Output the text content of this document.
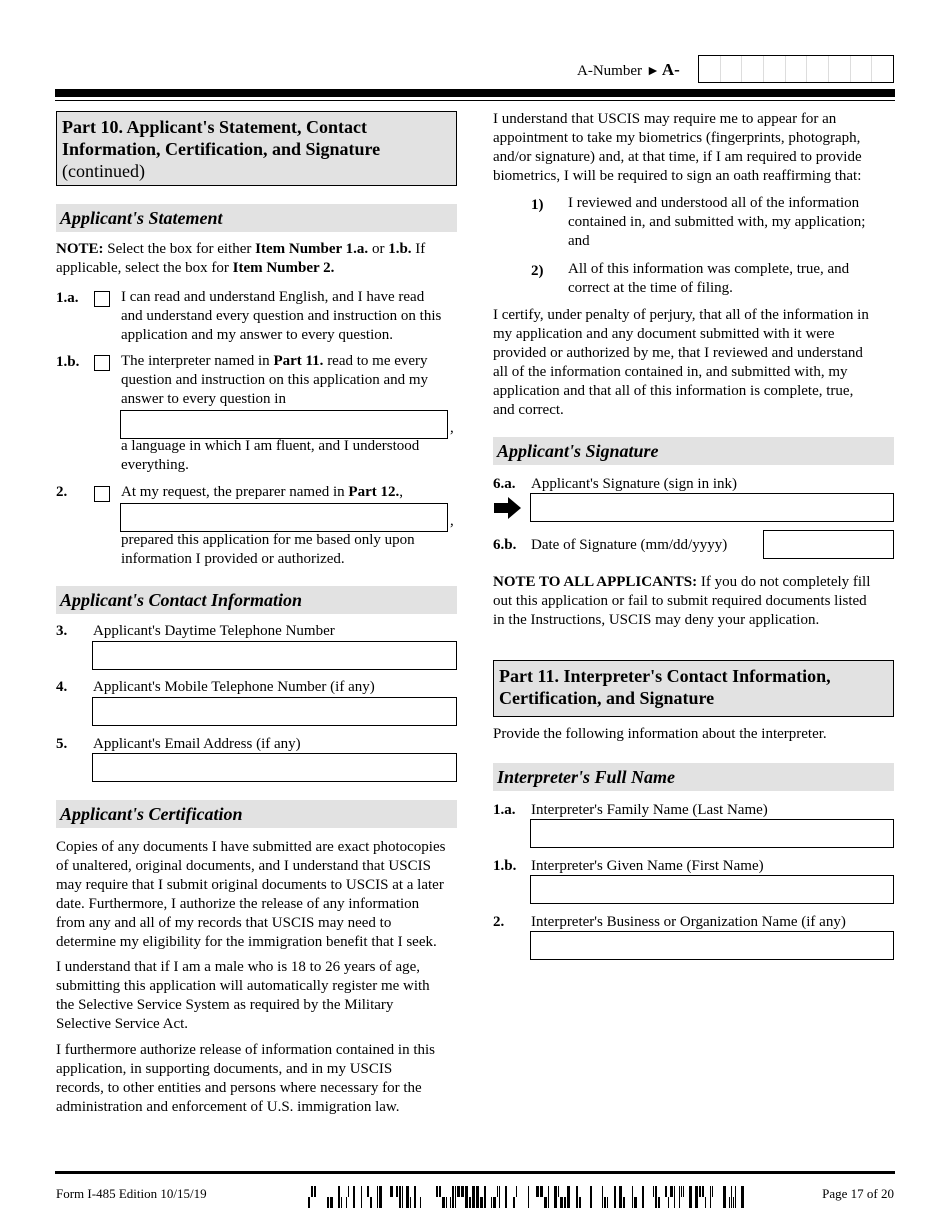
A-Number ► A-
Part 10. Applicant's Statement, Contact
Information, Certification, and Signature
(continued)
Applicant's Statement
NOTE: Select the box for either Item Number 1.a. or 1.b. If
applicable, select the box for Item Number 2.
1.a.	I can read and understand English, and I have read
and understand every question and instruction on this
application and my answer to every question.
1.b.	The interpreter named in Part 11. read to me every
question and instruction on this application and my
answer to every question in
,
a language in which I am fluent, and I understood
everything.
2.	At my request, the preparer named in Part 12.,
,
prepared this application for me based only upon
information I provided or authorized.
Applicant's Contact Information
3. Applicant's Daytime Telephone Number
4. Applicant's Mobile Telephone Number (if any)
5. Applicant's Email Address (if any)
Applicant's Certification
Copies of any documents I have submitted are exact photocopies
of unaltered, original documents, and I understand that USCIS
may require that I submit original documents to USCIS at a later
date. Furthermore, I authorize the release of any information
from any and all of my records that USCIS may need to
determine my eligibility for the immigration benefit that I seek.
I understand that if I am a male who is 18 to 26 years of age,
submitting this application will automatically register me with
the Selective Service System as required by the Military
Selective Service Act.
I furthermore authorize release of information contained in this
application, in supporting documents, and in my USCIS
records, to other entities and persons where necessary for the
administration and enforcement of U.S. immigration law.
I understand that USCIS may require me to appear for an
appointment to take my biometrics (fingerprints, photograph,
and/or signature) and, at that time, if I am required to provide
biometrics, I will be required to sign an oath reaffirming that:
1) I reviewed and understood all of the information
contained in, and submitted with, my application;
and
2) All of this information was complete, true, and
correct at the time of filing.
I certify, under penalty of perjury, that all of the information in
my application and any document submitted with it were
provided or authorized by me, that I reviewed and understand
all of the information contained in, and submitted with, my
application and that all of this information is complete, true,
and correct.
Applicant's Signature
6.a. Applicant's Signature (sign in ink)
6.b. Date of Signature (mm/dd/yyyy)
NOTE TO ALL APPLICANTS: If you do not completely fill
out this application or fail to submit required documents listed
in the Instructions, USCIS may deny your application.
Part 11. Interpreter's Contact Information,
Certification, and Signature
Provide the following information about the interpreter.
Interpreter's Full Name
1.a. Interpreter's Family Name (Last Name)
1.b. Interpreter's Given Name (First Name)
2. Interpreter's Business or Organization Name (if any)
Form I-485 Edition 10/15/19	Page 17 of 20
